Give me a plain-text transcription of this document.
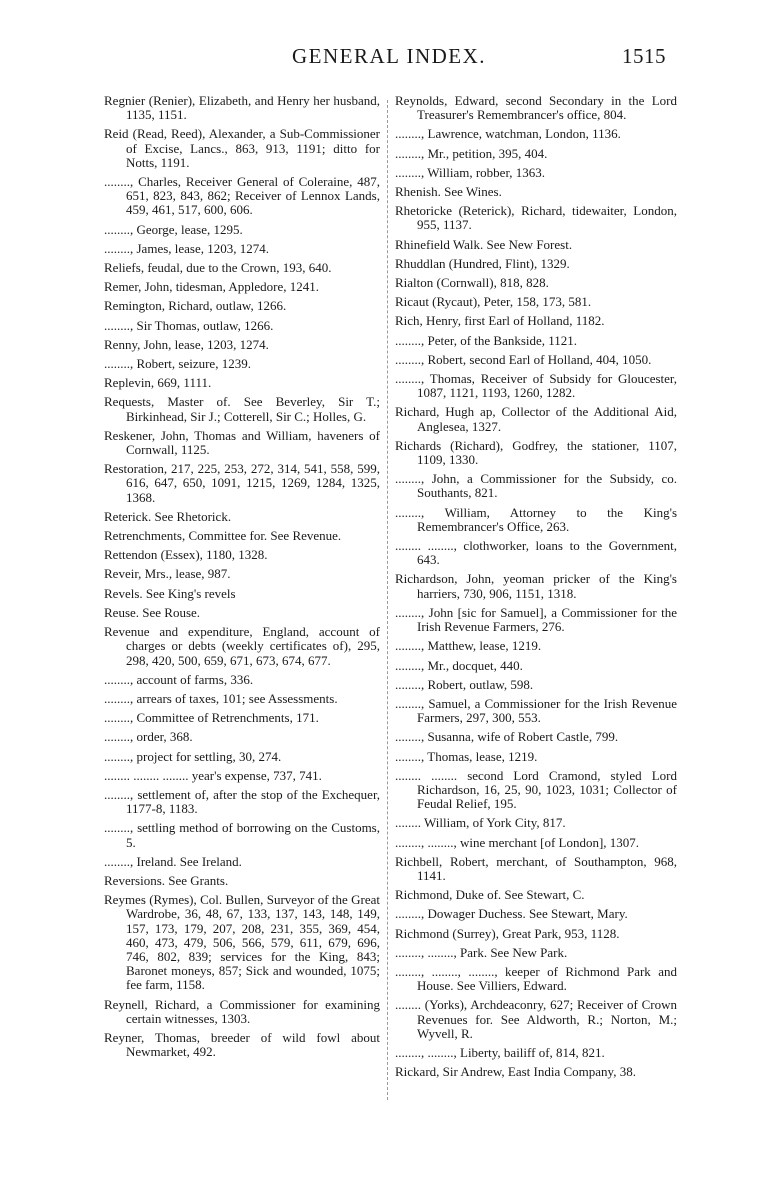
GENERAL INDEX.	1515

Regnier (Renier), Elizabeth, and Henry her husband, 1135, 1151.

Reid (Read, Reed), Alexander, a Sub-Commissioner of Excise, Lancs., 863, 913, 1191; ditto for Notts, 1191.

........, Charles, Receiver General of Coleraine, 487, 651, 823, 843, 862; Receiver of Lennox Lands, 459, 461, 517, 600, 606.

........, George, lease, 1295.

........, James, lease, 1203, 1274.

Reliefs, feudal, due to the Crown, 193, 640.

Remer, John, tidesman, Appledore, 1241.

Remington, Richard, outlaw, 1266.

........, Sir Thomas, outlaw, 1266.

Renny, John, lease, 1203, 1274.

........, Robert, seizure, 1239.

Replevin, 669, 1111.

Requests, Master of. See Beverley, Sir T.; Birkinhead, Sir J.; Cotterell, Sir C.; Holles, G.

Reskener, John, Thomas and William, haveners of Cornwall, 1125.

Restoration, 217, 225, 253, 272, 314, 541, 558, 599, 616, 647, 650, 1091, 1215, 1269, 1284, 1325, 1368.

Reterick. See Rhetorick.

Retrenchments, Committee for. See Revenue.

Rettendon (Essex), 1180, 1328.

Reveir, Mrs., lease, 987.

Revels. See King's revels

Reuse. See Rouse.

Revenue and expenditure, England, account of charges or debts (weekly certificates of), 295, 298, 420, 500, 659, 671, 673, 674, 677.

........, account of farms, 336.

........, arrears of taxes, 101; see Assessments.

........, Committee of Retrenchments, 171.

........, order, 368.

........, project for settling, 30, 274.

........ ........ ........ year's expense, 737, 741.

........, settlement of, after the stop of the Exchequer, 1177-8, 1183.

........, settling method of borrowing on the Customs, 5.

........, Ireland. See Ireland.

Reversions. See Grants.

Reymes (Rymes), Col. Bullen, Surveyor of the Great Wardrobe, 36, 48, 67, 133, 137, 143, 148, 149, 157, 173, 179, 207, 208, 231, 355, 369, 454, 460, 473, 479, 506, 566, 579, 611, 679, 696, 746, 802, 839; services for the King, 843; Baronet moneys, 857; Sick and wounded, 1075; fee farm, 1158.

Reynell, Richard, a Commissioner for examining certain witnesses, 1303.

Reyner, Thomas, breeder of wild fowl about Newmarket, 492.

Reynolds, Edward, second Secondary in the Lord Treasurer's Remembrancer's office, 804.

........, Lawrence, watchman, London, 1136.

........, Mr., petition, 395, 404.

........, William, robber, 1363.

Rhenish. See Wines.

Rhetoricke (Reterick), Richard, tidewaiter, London, 955, 1137.

Rhinefield Walk. See New Forest.

Rhuddlan (Hundred, Flint), 1329.

Rialton (Cornwall), 818, 828.

Ricaut (Rycaut), Peter, 158, 173, 581.

Rich, Henry, first Earl of Holland, 1182.

........, Peter, of the Bankside, 1121.

........, Robert, second Earl of Holland, 404, 1050.

........, Thomas, Receiver of Subsidy for Gloucester, 1087, 1121, 1193, 1260, 1282.

Richard, Hugh ap, Collector of the Additional Aid, Anglesea, 1327.

Richards (Richard), Godfrey, the stationer, 1107, 1109, 1330.

........, John, a Commissioner for the Subsidy, co. Southants, 821.

........, William, Attorney to the King's Remembrancer's Office, 263.

........ ........, clothworker, loans to the Government, 643.

Richardson, John, yeoman pricker of the King's harriers, 730, 906, 1151, 1318.

........, John [sic for Samuel], a Commissioner for the Irish Revenue Farmers, 276.

........, Matthew, lease, 1219.

........, Mr., docquet, 440.

........, Robert, outlaw, 598.

........, Samuel, a Commissioner for the Irish Revenue Farmers, 297, 300, 553.

........, Susanna, wife of Robert Castle, 799.

........, Thomas, lease, 1219.

........ ........ second Lord Cramond, styled Lord Richardson, 16, 25, 90, 1023, 1031; Collector of Feudal Relief, 195.

........ William, of York City, 817.

........, ........, wine merchant [of London], 1307.

Richbell, Robert, merchant, of Southampton, 968, 1141.

Richmond, Duke of. See Stewart, C.

........, Dowager Duchess. See Stewart, Mary.

Richmond (Surrey), Great Park, 953, 1128.

........, ........, Park. See New Park.

........, ........, ........, keeper of Richmond Park and House. See Villiers, Edward.

........ (Yorks), Archdeaconry, 627; Receiver of Crown Revenues for. See Aldworth, R.; Norton, M.; Wyvell, R.

........, ........, Liberty, bailiff of, 814, 821.

Rickard, Sir Andrew, East India Company, 38.
